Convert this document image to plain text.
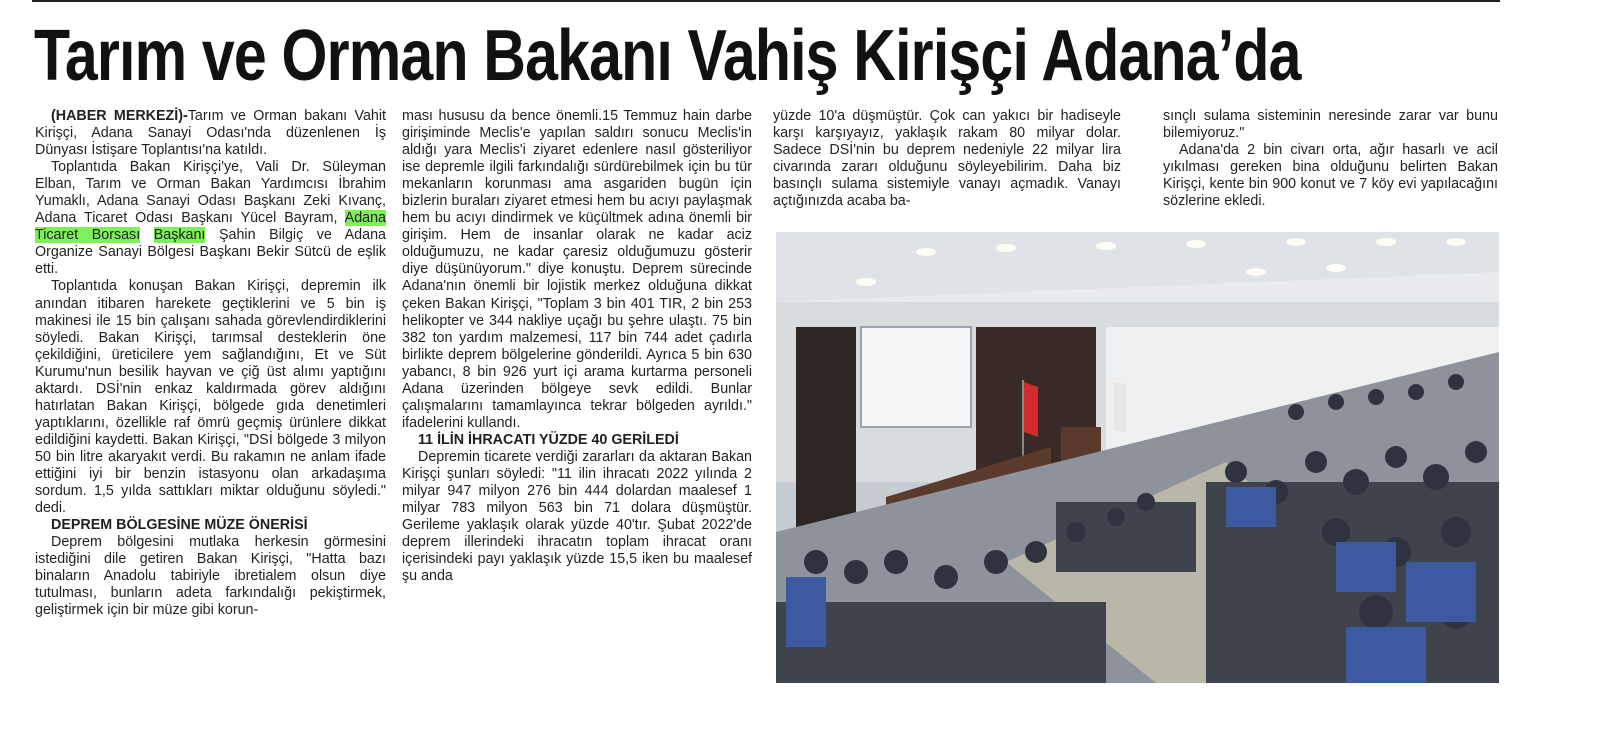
Tarım ve Orman Bakanı Vahiş Kirişçi Adana’da

(HABER MERKEZİ)-Tarım ve Orman bakanı Vahit Kirişçi, Adana Sanayi Odası'nda düzenlenen İş Dünyası İstişare Toplantısı'na katıldı.

Toplantıda Bakan Kirişçi'ye, Vali Dr. Süleyman Elban, Tarım ve Orman Bakan Yardımcısı İbrahim Yumaklı, Adana Sanayi Odası Başkanı Zeki Kıvanç, Adana Ticaret Odası Başkanı Yücel Bayram, Adana Ticaret Borsası Başkanı Şahin Bilgiç ve Adana Organize Sanayi Bölgesi Başkanı Bekir Sütcü de eşlik etti.

Toplantıda konuşan Bakan Kirişçi, depremin ilk anından itibaren harekete geçtiklerini ve 5 bin iş makinesi ile 15 bin çalışanı sahada görevlendirdiklerini söyledi. Bakan Kirişçi, tarımsal desteklerin öne çekildiğini, üreticilere yem sağlandığını, Et ve Süt Kurumu'nun besilik hayvan ve çiğ üst alımı yaptığını aktardı. DSİ'nin enkaz kaldırmada görev aldığını hatırlatan Bakan Kirişçi, bölgede gıda denetimleri yaptıklarını, özellikle raf ömrü geçmiş ürünlere dikkat edildiğini kaydetti. Bakan Kirişçi, "DSİ bölgede 3 milyon 50 bin litre akaryakıt verdi. Bu rakamın ne anlam ifade ettiğini iyi bir benzin istasyonu olan arkadaşıma sordum. 1,5 yılda sattıkları miktar olduğunu söyledi." dedi.

DEPREM BÖLGESİNE MÜZE ÖNERİSİ

Deprem bölgesini mutlaka herkesin görmesini istediğini dile getiren Bakan Kirişçi, "Hatta bazı binaların Anadolu tabiriyle ibretialem olsun diye tutulması, bunların adeta farkındalığı pekiştirmek, geliştirmek için bir müze gibi korun-

ması hususu da bence önemli.15 Temmuz hain darbe girişiminde Meclis'e yapılan saldırı sonucu Meclis'in aldığı yara Meclis'i ziyaret edenlere nasıl gösteriliyor ise depremle ilgili farkındalığı sürdürebilmek için bu tür mekanların korunması ama asgariden bugün için bizlerin buraları ziyaret etmesi hem bu acıyı paylaşmak hem bu acıyı dindirmek ve küçültmek adına önemli bir girişim. Hem de insanlar olarak ne kadar aciz olduğumuzu, ne kadar çaresiz olduğumuzu gösterir diye düşünüyorum." diye konuştu. Deprem sürecinde Adana'nın önemli bir lojistik merkez olduğuna dikkat çeken Bakan Kirişçi, "Toplam 3 bin 401 TIR, 2 bin 253 helikopter ve 344 nakliye uçağı bu şehre ulaştı. 75 bin 382 ton yardım malzemesi, 117 bin 744 adet çadırla birlikte deprem bölgelerine gönderildi. Ayrıca 5 bin 630 yabancı, 8 bin 926 yurt içi arama kurtarma personeli Adana üzerinden bölgeye sevk edildi. Bunlar çalışmalarını tamamlayınca tekrar bölgeden ayrıldı." ifadelerini kullandı.

11 İLİN İHRACATI YÜZDE 40 GERİLEDİ

Depremin ticarete verdiği zararları da aktaran Bakan Kirişçi şunları söyledi: "11 ilin ihracatı 2022 yılında 2 milyar 947 milyon 276 bin 444 dolardan maalesef 1 milyar 783 milyon 563 bin 71 dolara düşmüştür. Gerileme yaklaşık olarak yüzde 40'tır. Şubat 2022'de deprem illerindeki ihracatın toplam ihracat oranı içerisindeki payı yaklaşık yüzde 15,5 iken bu maalesef şu anda

yüzde 10'a düşmüştür. Çok can yakıcı bir hadiseyle karşı karşıyayız, yaklaşık rakam 80 milyar dolar. Sadece DSİ'nin bu deprem nedeniyle 22 milyar lira civarında zararı olduğunu söyleyebilirim. Daha biz basınçlı sulama sistemiyle vanayı açmadık. Vanayı açtığınızda acaba ba-

sınçlı sulama sisteminin neresinde zarar var bunu bilemiyoruz."

Adana'da 2 bin civarı orta, ağır hasarlı ve acil yıkılması gereken bina olduğunu belirten Bakan Kirişçi, kente bin 900 konut ve 7 köy evi yapılacağını sözlerine ekledi.
